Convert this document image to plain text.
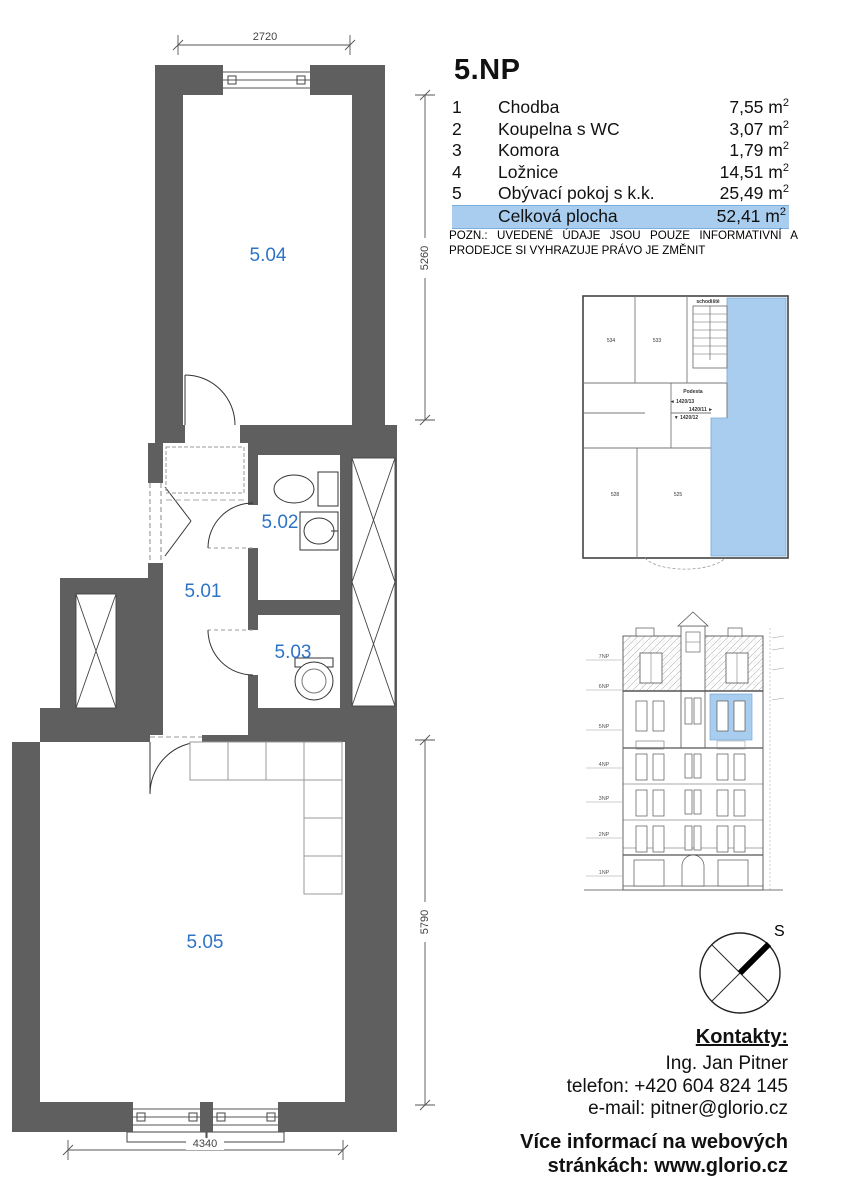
5.04
5.01
5.02
5.03
5.05
2720
5260
5790
4340
5.NP
1	Chodba	7,55 $m^2$
2	Koupelna s WC	3,07 $m^2$
3	Komora	1,79 $m^2$
4	Ložnice	14,51 $m^2$
5	Obývací pokoj s k.k.	25,49 $m^2$
Celková plocha	52,41 $m^2$
POZN.: UVEDENÉ ÚDAJE JSOU POUZE INFORMATIVNÍ A
PRODEJCE SI VYHRAZUJE PRÁVO JE ZMĚNIT
schodiště
Podesta
◄ 1420/13
1420/11 ►
▼ 1420/12
534	533
528	525
7NP
6NP
5NP
4NP
3NP
2NP
1NP
S
Kontakty:
Ing. Jan Pitner
telefon: +420 604 824 145
e-mail: pitner@glorio.cz
Více informací na webových
stránkách: www.glorio.cz
